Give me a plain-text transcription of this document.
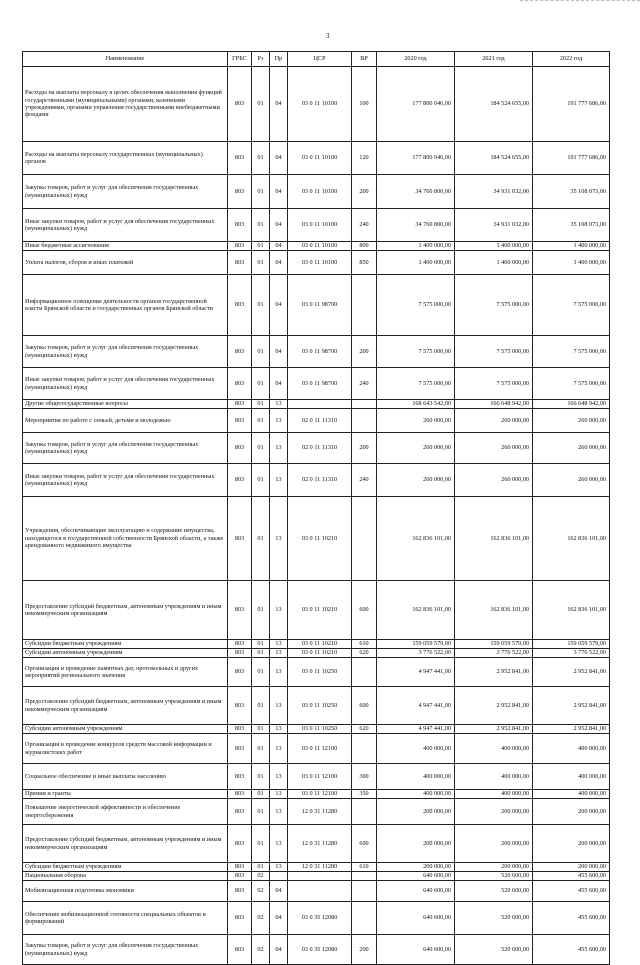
3
Наименование	ГРБС	Рз	Пр	ЦСР	ВР	2020 год	2021 год	2022 год
Расходы на выплаты персоналу в целях обеспечения выполнения функций государственными (муниципальными) органами, казенными учреждениями, органами управления государственными внебюджетными фондами	803	01	04	03 0 11 10100	100	177 800 046,00	184 524 655,00	191 777 686,00
Расходы на выплаты персоналу государственных (муниципальных) органов	803	01	04	03 0 11 10100	120	177 800 046,00	184 524 655,00	191 777 686,00
Закупка товаров, работ и услуг для обеспечения государственных (муниципальных) нужд	803	01	04	03 0 11 10100	200	34 760 800,00	34 931 032,00	35 108 073,00
Иные закупки товаров, работ и услуг для обеспечения государственных (муниципальных) нужд	803	01	04	03 0 11 10100	240	34 760 800,00	34 931 032,00	35 108 073,00
Иные бюджетные ассигнования	803	01	04	03 0 11 10100	800	1 400 000,00	1 400 000,00	1 400 000,00
Уплата налогов, сборов и иных платежей	803	01	04	03 0 11 10100	850	1 400 000,00	1 400 000,00	1 400 000,00
Информационное освещение деятельности органов государственной власти Брянской области и государственных органов Брянской области	803	01	04	03 0 11 98700		7 575 000,00	7 575 000,00	7 575 000,00
Закупка товаров, работ и услуг для обеспечения государственных (муниципальных) нужд	803	01	04	03 0 11 98700	200	7 575 000,00	7 575 000,00	7 575 000,00
Иные закупки товаров, работ и услуг для обеспечения государственных (муниципальных) нужд	803	01	04	03 0 11 98700	240	7 575 000,00	7 575 000,00	7 575 000,00
Другие общегосударственные вопросы	803	01	13			168 643 542,00	166 648 942,00	166 648 942,00
Мероприятия по работе с семьей, детьми и молодежью	803	01	13	02 0 11 11310		260 000,00	260 000,00	260 000,00
Закупка товаров, работ и услуг для обеспечения государственных (муниципальных) нужд	803	01	13	02 0 11 11310	200	260 000,00	260 000,00	260 000,00
Иные закупки товаров, работ и услуг для обеспечения государственных (муниципальных) нужд	803	01	13	02 0 11 11310	240	260 000,00	260 000,00	260 000,00
Учреждения, обеспечивающие эксплуатацию и содержание имущества, находящегося в государственной собственности Брянской области, а также арендованного недвижимого имущества	803	01	13	03 0 11 10210		162 836 101,00	162 836 101,00	162 836 101,00
Предоставление субсидий бюджетным, автономным учреждениям и иным некоммерческим организациям	803	01	13	03 0 11 10210	600	162 836 101,00	162 836 101,00	162 836 101,00
Субсидии бюджетным учреждениям	803	01	13	03 0 11 10210	610	159 059 579,00	159 059 579,00	159 059 579,00
Субсидии автономным учреждениям	803	01	13	03 0 11 10210	620	3 776 522,00	3 776 522,00	3 776 522,00
Организация и проведение памятных дат, протокольных и других мероприятий регионального значения	803	01	13	03 0 11 10250		4 947 441,00	2 952 841,00	2 952 841,00
Предоставление субсидий бюджетным, автономным учреждениям и иным некоммерческим организациям	803	01	13	03 0 11 10250	600	4 947 441,00	2 952 841,00	2 952 841,00
Субсидии автономным учреждениям	803	01	13	03 0 11 10250	620	4 947 441,00	2 952 841,00	2 952 841,00
Организация и проведение конкурсов средств массовой информации и журналистских работ	803	01	13	03 0 11 12100		400 000,00	400 000,00	400 000,00
Социальное обеспечение и иные выплаты населению	803	01	13	03 0 11 12100	300	400 000,00	400 000,00	400 000,00
Премии и гранты	803	01	13	03 0 11 12100	350	400 000,00	400 000,00	400 000,00
Повышение энергетической эффективности и обеспечение энергосбережения	803	01	13	12 0 31 11280		200 000,00	200 000,00	200 000,00
Предоставление субсидий бюджетным, автономным учреждениям и иным некоммерческим организациям	803	01	13	12 0 31 11280	600	200 000,00	200 000,00	200 000,00
Субсидии бюджетным учреждениям	803	01	13	12 0 31 11280	610	200 000,00	200 000,00	200 000,00
Национальная оборона	803	02				640 600,00	520 600,00	455 600,00
Мобилизационная подготовка экономики	803	02	04			640 600,00	520 600,00	455 600,00
Обеспечение мобилизационной готовности специальных объектов и формирований	803	02	04	03 0 35 12080		640 600,00	520 600,00	455 600,00
Закупка товаров, работ и услуг для обеспечения государственных (муниципальных) нужд	803	02	04	03 0 35 12080	200	640 600,00	520 600,00	455 600,00
